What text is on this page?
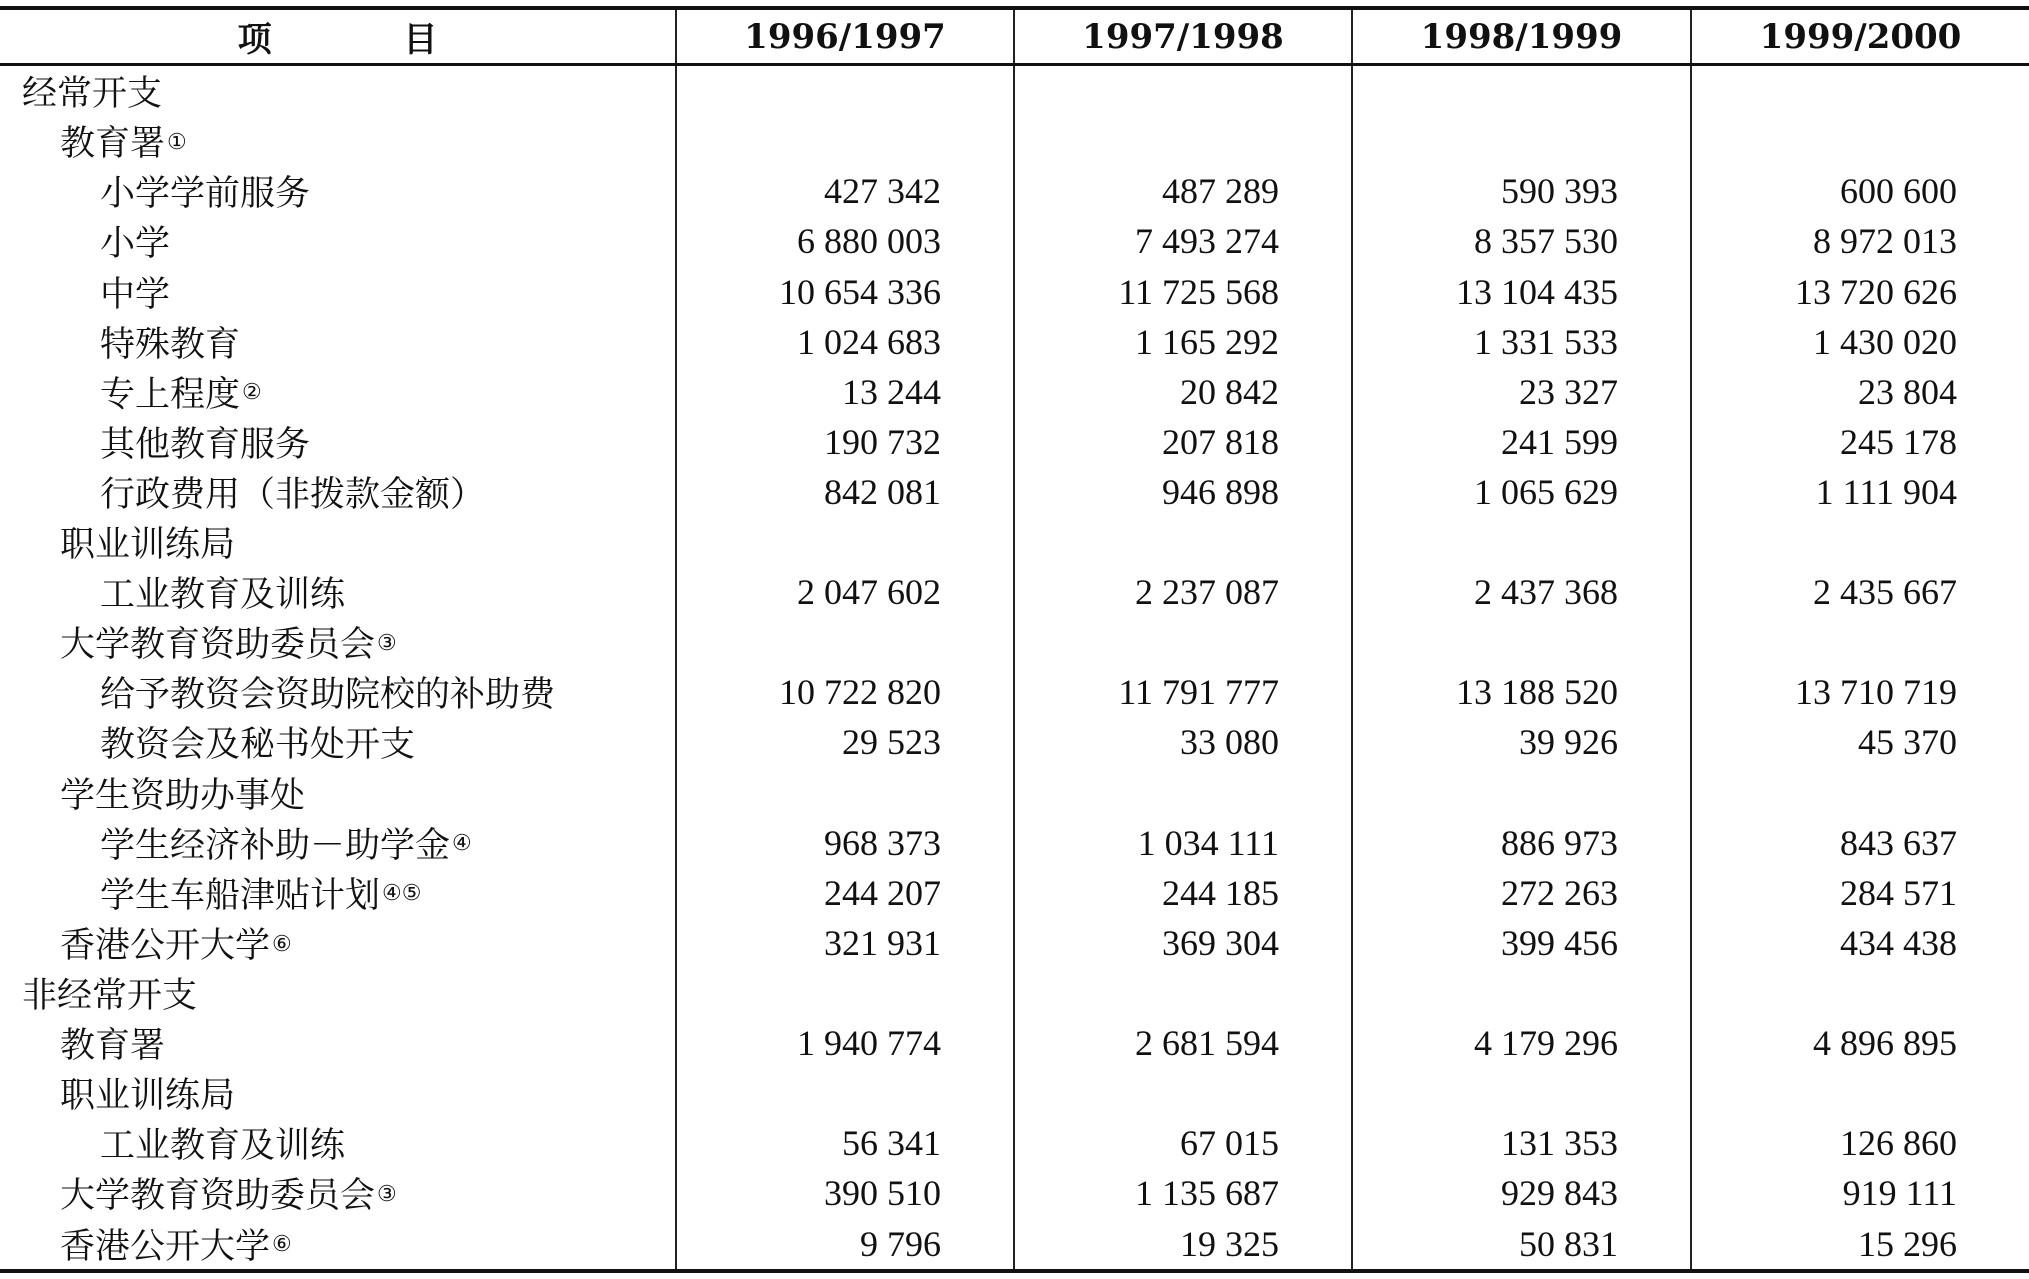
项 目	1996/1997	1997/1998	1998/1999	1999/2000
经常开支				
教育署①				
小学学前服务	427 342	487 289	590 393	600 600
小学	6 880 003	7 493 274	8 357 530	8 972 013
中学	10 654 336	11 725 568	13 104 435	13 720 626
特殊教育	1 024 683	1 165 292	1 331 533	1 430 020
专上程度②	13 244	20 842	23 327	23 804
其他教育服务	190 732	207 818	241 599	245 178
行政费用（非拨款金额）	842 081	946 898	1 065 629	1 111 904
职业训练局				
工业教育及训练	2 047 602	2 237 087	2 437 368	2 435 667
大学教育资助委员会③				
给予教资会资助院校的补助费	10 722 820	11 791 777	13 188 520	13 710 719
教资会及秘书处开支	29 523	33 080	39 926	45 370
学生资助办事处				
学生经济补助－助学金④	968 373	1 034 111	886 973	843 637
学生车船津贴计划④⑤	244 207	244 185	272 263	284 571
香港公开大学⑥	321 931	369 304	399 456	434 438
非经常开支				
教育署	1 940 774	2 681 594	4 179 296	4 896 895
职业训练局				
工业教育及训练	56 341	67 015	131 353	126 860
大学教育资助委员会③	390 510	1 135 687	929 843	919 111
香港公开大学⑥	9 796	19 325	50 831	15 296
